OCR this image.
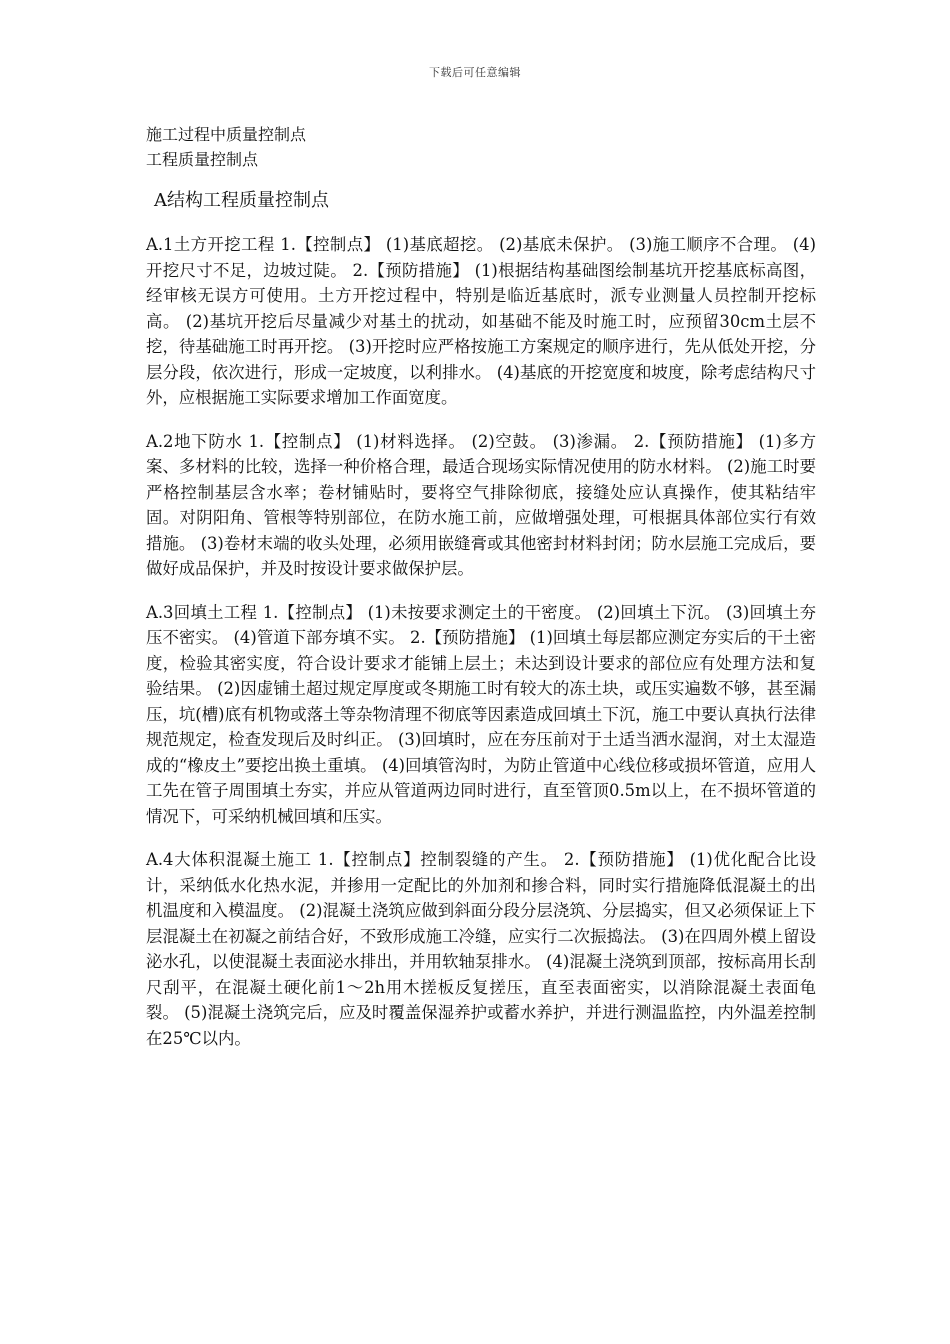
下载后可任意编辑
施工过程中质量控制点
工程质量控制点
A结构工程质量控制点
A.1土方开挖工程 1.【控制点】 (1)基底超挖。 (2)基底未保护。 (3)施工顺序不合理。 (4)开挖尺寸不足，边坡过陡。 2.【预防措施】 (1)根据结构基础图绘制基坑开挖基底标高图，经审核无误方可使用。土方开挖过程中，特别是临近基底时，派专业测量人员控制开挖标高。 (2)基坑开挖后尽量减少对基土的扰动，如基础不能及时施工时，应预留30cm土层不挖，待基础施工时再开挖。 (3)开挖时应严格按施工方案规定的顺序进行，先从低处开挖，分层分段，依次进行，形成一定坡度，以利排水。 (4)基底的开挖宽度和坡度，除考虑结构尺寸外，应根据施工实际要求增加工作面宽度。
A.2地下防水 1.【控制点】 (1)材料选择。 (2)空鼓。 (3)渗漏。 2.【预防措施】 (1)多方案、多材料的比较，选择一种价格合理，最适合现场实际情况使用的防水材料。 (2)施工时要严格控制基层含水率；卷材铺贴时，要将空气排除彻底，接缝处应认真操作，使其粘结牢固。对阴阳角、管根等特别部位，在防水施工前，应做增强处理，可根据具体部位实行有效措施。 (3)卷材末端的收头处理，必须用嵌缝膏或其他密封材料封闭；防水层施工完成后，要做好成品保护，并及时按设计要求做保护层。
A.3回填土工程 1.【控制点】 (1)未按要求测定土的干密度。 (2)回填土下沉。 (3)回填土夯压不密实。 (4)管道下部夯填不实。 2.【预防措施】 (1)回填土每层都应测定夯实后的干土密度，检验其密实度，符合设计要求才能铺上层土；未达到设计要求的部位应有处理方法和复验结果。 (2)因虚铺土超过规定厚度或冬期施工时有较大的冻土块，或压实遍数不够，甚至漏压，坑(槽)底有机物或落土等杂物清理不彻底等因素造成回填土下沉，施工中要认真执行法律规范规定，检查发现后及时纠正。 (3)回填时，应在夯压前对于土适当洒水湿润，对土太湿造成的“橡皮土”要挖出换土重填。 (4)回填管沟时，为防止管道中心线位移或损坏管道，应用人工先在管子周围填土夯实，并应从管道两边同时进行，直至管顶0.5m以上，在不损坏管道的情况下，可采纳机械回填和压实。
A.4大体积混凝土施工 1.【控制点】控制裂缝的产生。 2.【预防措施】 (1)优化配合比设计，采纳低水化热水泥，并掺用一定配比的外加剂和掺合料，同时实行措施降低混凝土的出机温度和入模温度。 (2)混凝土浇筑应做到斜面分段分层浇筑、分层捣实，但又必须保证上下层混凝土在初凝之前结合好，不致形成施工冷缝，应实行二次振捣法。 (3)在四周外模上留设泌水孔，以使混凝土表面泌水排出，并用软轴泵排水。 (4)混凝土浇筑到顶部，按标高用长刮尺刮平，在混凝土硬化前1～2h用木搓板反复搓压，直至表面密实，以消除混凝土表面龟裂。 (5)混凝土浇筑完后，应及时覆盖保湿养护或蓄水养护，并进行测温监控，内外温差控制在25℃以内。
